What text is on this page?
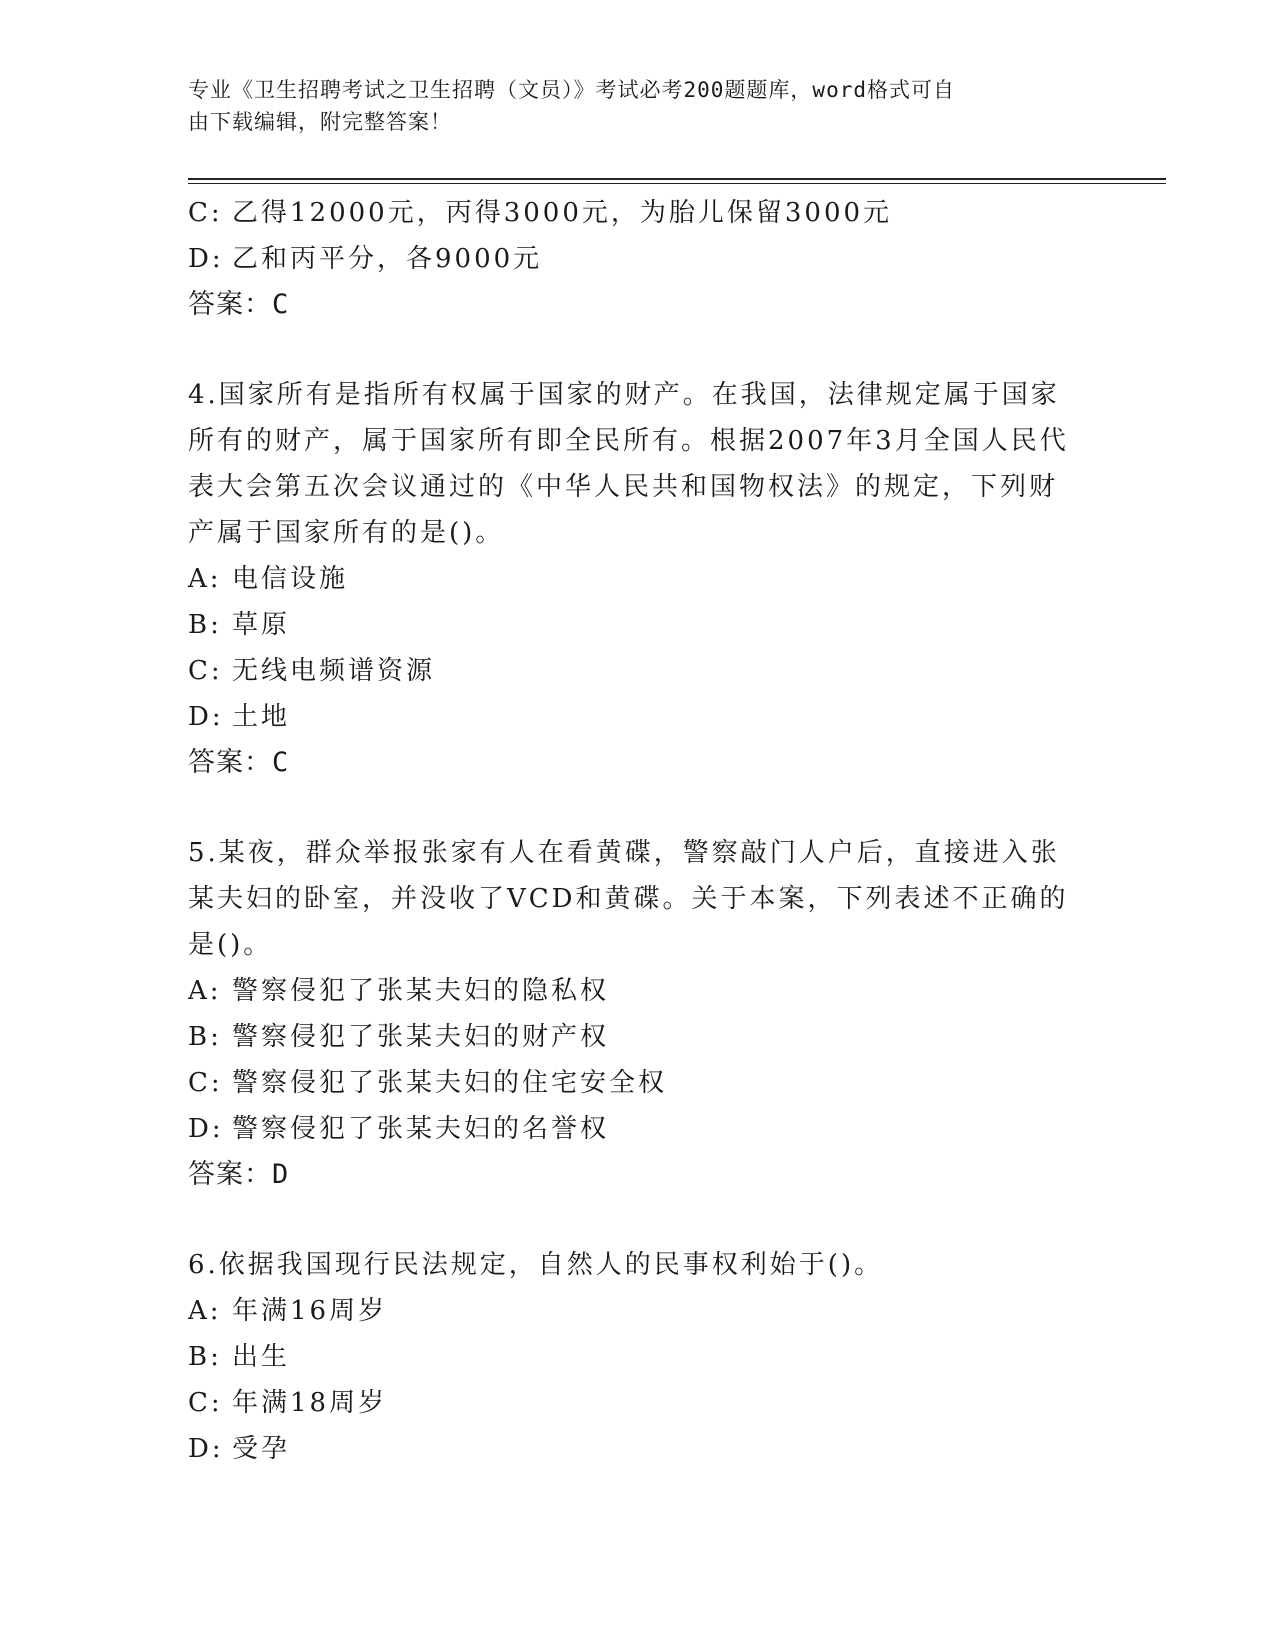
专业《卫生招聘考试之卫生招聘（文员）》考试必考200题题库，word格式可自
由下载编辑，附完整答案！
C: 乙得12000元，丙得3000元，为胎儿保留3000元
D: 乙和丙平分，各9000元
答案：C
4.国家所有是指所有权属于国家的财产。在我国，法律规定属于国家
所有的财产，属于国家所有即全民所有。根据2007年3月全国人民代
表大会第五次会议通过的《中华人民共和国物权法》的规定，下列财
产属于国家所有的是()。
A: 电信设施
B: 草原
C: 无线电频谱资源
D: 土地
答案：C
5.某夜，群众举报张家有人在看黄碟，警察敲门人户后，直接进入张
某夫妇的卧室，并没收了VCD和黄碟。关于本案，下列表述不正确的
是()。
A: 警察侵犯了张某夫妇的隐私权
B: 警察侵犯了张某夫妇的财产权
C: 警察侵犯了张某夫妇的住宅安全权
D: 警察侵犯了张某夫妇的名誉权
答案：D
6.依据我国现行民法规定，自然人的民事权利始于()。
A: 年满16周岁
B: 出生
C: 年满18周岁
D: 受孕
